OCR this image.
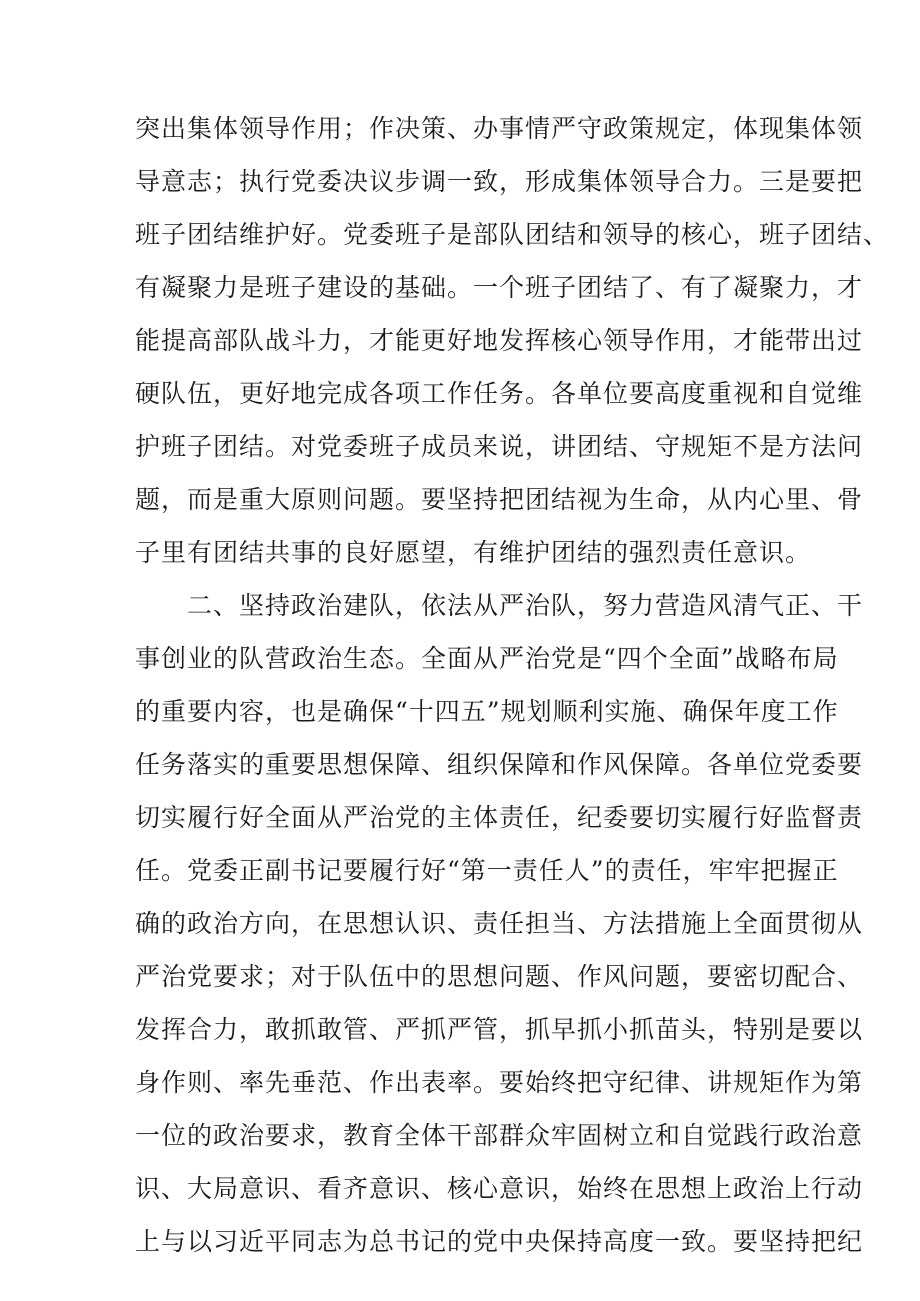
突出集体领导作用；作决策、办事情严守政策规定，体现集体领
导意志；执行党委决议步调一致，形成集体领导合力。三是要把
班子团结维护好。党委班子是部队团结和领导的核心，班子团结、
有凝聚力是班子建设的基础。一个班子团结了、有了凝聚力，才
能提高部队战斗力，才能更好地发挥核心领导作用，才能带出过
硬队伍，更好地完成各项工作任务。各单位要高度重视和自觉维
护班子团结。对党委班子成员来说，讲团结、守规矩不是方法问
题，而是重大原则问题。要坚持把团结视为生命，从内心里、骨
子里有团结共事的良好愿望，有维护团结的强烈责任意识。
二、坚持政治建队，依法从严治队，努力营造风清气正、干
事创业的队营政治生态。全面从严治党是“四个全面”战略布局
的重要内容，也是确保“十四五”规划顺利实施、确保年度工作
任务落实的重要思想保障、组织保障和作风保障。各单位党委要
切实履行好全面从严治党的主体责任，纪委要切实履行好监督责
任。党委正副书记要履行好“第一责任人”的责任，牢牢把握正
确的政治方向，在思想认识、责任担当、方法措施上全面贯彻从
严治党要求；对于队伍中的思想问题、作风问题，要密切配合、
发挥合力，敢抓敢管、严抓严管，抓早抓小抓苗头，特别是要以
身作则、率先垂范、作出表率。要始终把守纪律、讲规矩作为第
一位的政治要求，教育全体干部群众牢固树立和自觉践行政治意
识、大局意识、看齐意识、核心意识，始终在思想上政治上行动
上与以习近平同志为总书记的党中央保持高度一致。要坚持把纪
